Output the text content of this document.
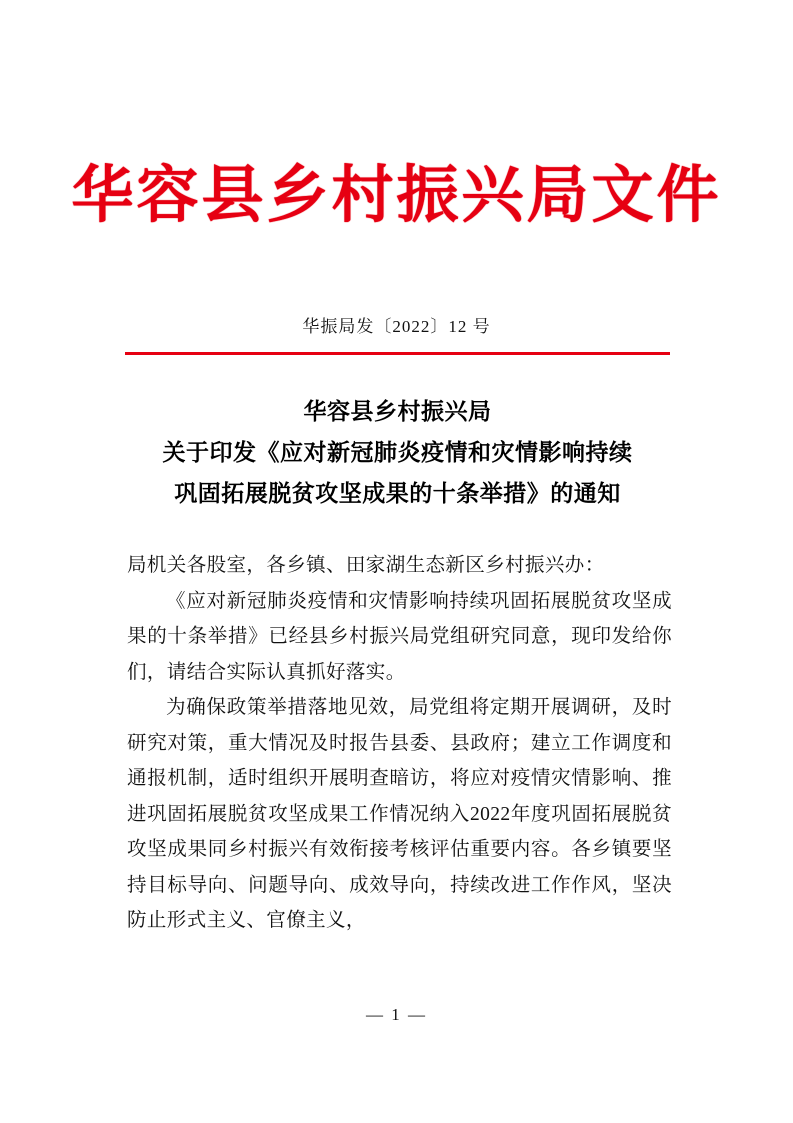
华容县乡村振兴局文件
华振局发〔2022〕12 号
华容县乡村振兴局
关于印发《应对新冠肺炎疫情和灾情影响持续
巩固拓展脱贫攻坚成果的十条举措》的通知

局机关各股室，各乡镇、田家湖生态新区乡村振兴办：

《应对新冠肺炎疫情和灾情影响持续巩固拓展脱贫攻坚成果的十条举措》已经县乡村振兴局党组研究同意，现印发给你们，请结合实际认真抓好落实。

为确保政策举措落地见效，局党组将定期开展调研，及时研究对策，重大情况及时报告县委、县政府；建立工作调度和通报机制，适时组织开展明查暗访，将应对疫情灾情影响、推进巩固拓展脱贫攻坚成果工作情况纳入2022年度巩固拓展脱贫攻坚成果同乡村振兴有效衔接考核评估重要内容。各乡镇要坚持目标导向、问题导向、成效导向，持续改进工作作风，坚决防止形式主义、官僚主义，

— 1 —
